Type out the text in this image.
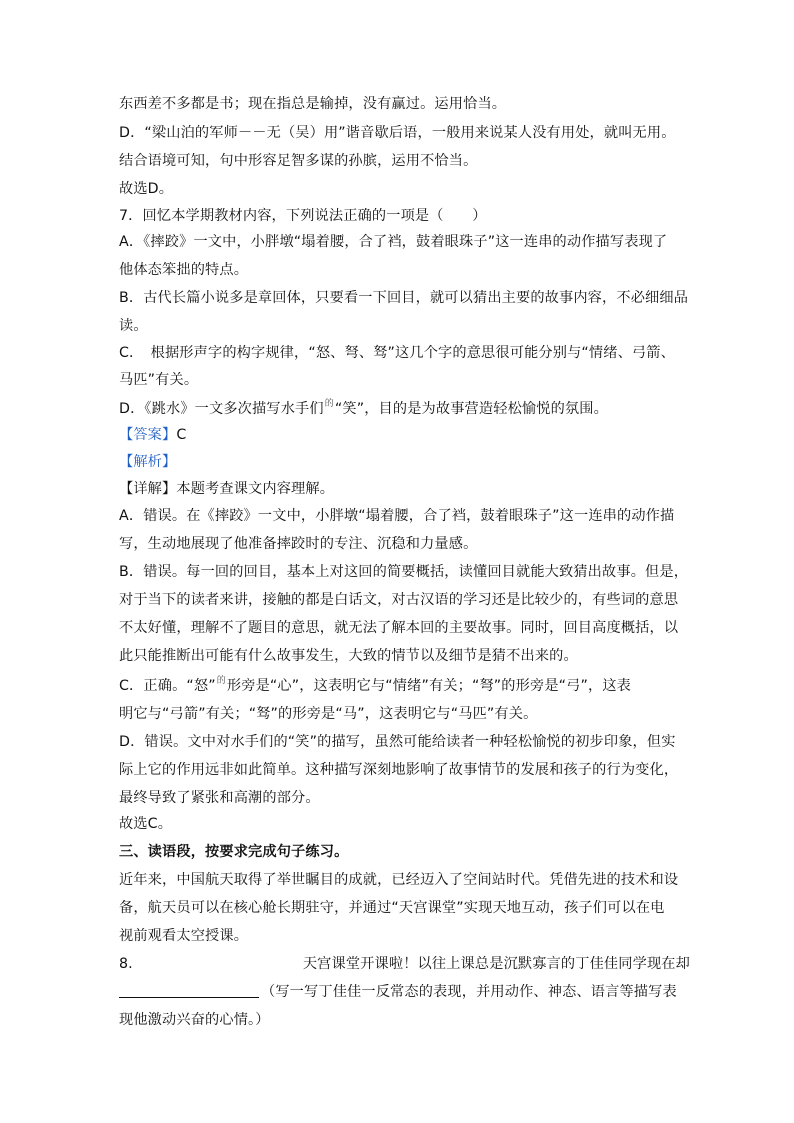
东西差不多都是书；现在指总是输掉，没有赢过。运用恰当。
D．“梁山泊的军师－－无（吴）用”谐音歇后语，一般用来说某人没有用处，就叫无用。
结合语境可知，句中形容足智多谋的孙膑，运用不恰当。
故选D。
7．回忆本学期教材内容，下列说法正确的一项是（　　）
A．《摔跤》一文中，小胖墩“塌着腰，合了裆，鼓着眼珠子”这一连串的动作描写表现了
他体态笨拙的特点。
B．古代长篇小说多是章回体，只要看一下回目，就可以猜出主要的故事内容，不必细细品
读。
C．　根据形声字的构字规律，“怒、弩、驽”这几个字的意思很可能分别与“情绪、弓箭、
马匹”有关。
D．《跳水》一文多次描写水手们$^的$“笑”，目的是为故事营造轻松愉悦的氛围。
【答案】C
【解析】
【详解】本题考查课文内容理解。
A．错误。在《摔跤》一文中，小胖墩“塌着腰，合了裆，鼓着眼珠子”这一连串的动作描
写，生动地展现了他准备摔跤时的专注、沉稳和力量感。
B．错误。每一回的回目，基本上对这回的简要概括，读懂回目就能大致猜出故事。但是，
对于当下的读者来讲，接触的都是白话文，对古汉语的学习还是比较少的，有些词的意思
不太好懂，理解不了题目的意思，就无法了解本回的主要故事。同时，回目高度概括，以
此只能推断出可能有什么故事发生，大致的情节以及细节是猜不出来的。
C．正确。“怒”$^的$形旁是“心”，这表明它与“情绪”有关；“弩”的形旁是“弓”，这表
明它与“弓箭”有关；“驽”的形旁是“马”，这表明它与“马匹”有关。
D．错误。文中对水手们的“笑”的描写，虽然可能给读者一种轻松愉悦的初步印象，但实
际上它的作用远非如此简单。这种描写深刻地影响了故事情节的发展和孩子的行为变化，
最终导致了紧张和高潮的部分。
故选C。
三、读语段，按要求完成句子练习。
近年来，中国航天取得了举世瞩目的成就，已经迈入了空间站时代。凭借先进的技术和设
备，航天员可以在核心舱长期驻守，并通过“天宫课堂”实现天地互动，孩子们可以在电
视前观看太空授课。
8.	天宫课堂开课啦！以往上课总是沉默寡言的丁佳佳同学现在却
（写一写丁佳佳一反常态的表现，并用动作、神态、语言等描写表
现他激动兴奋的心情。）
